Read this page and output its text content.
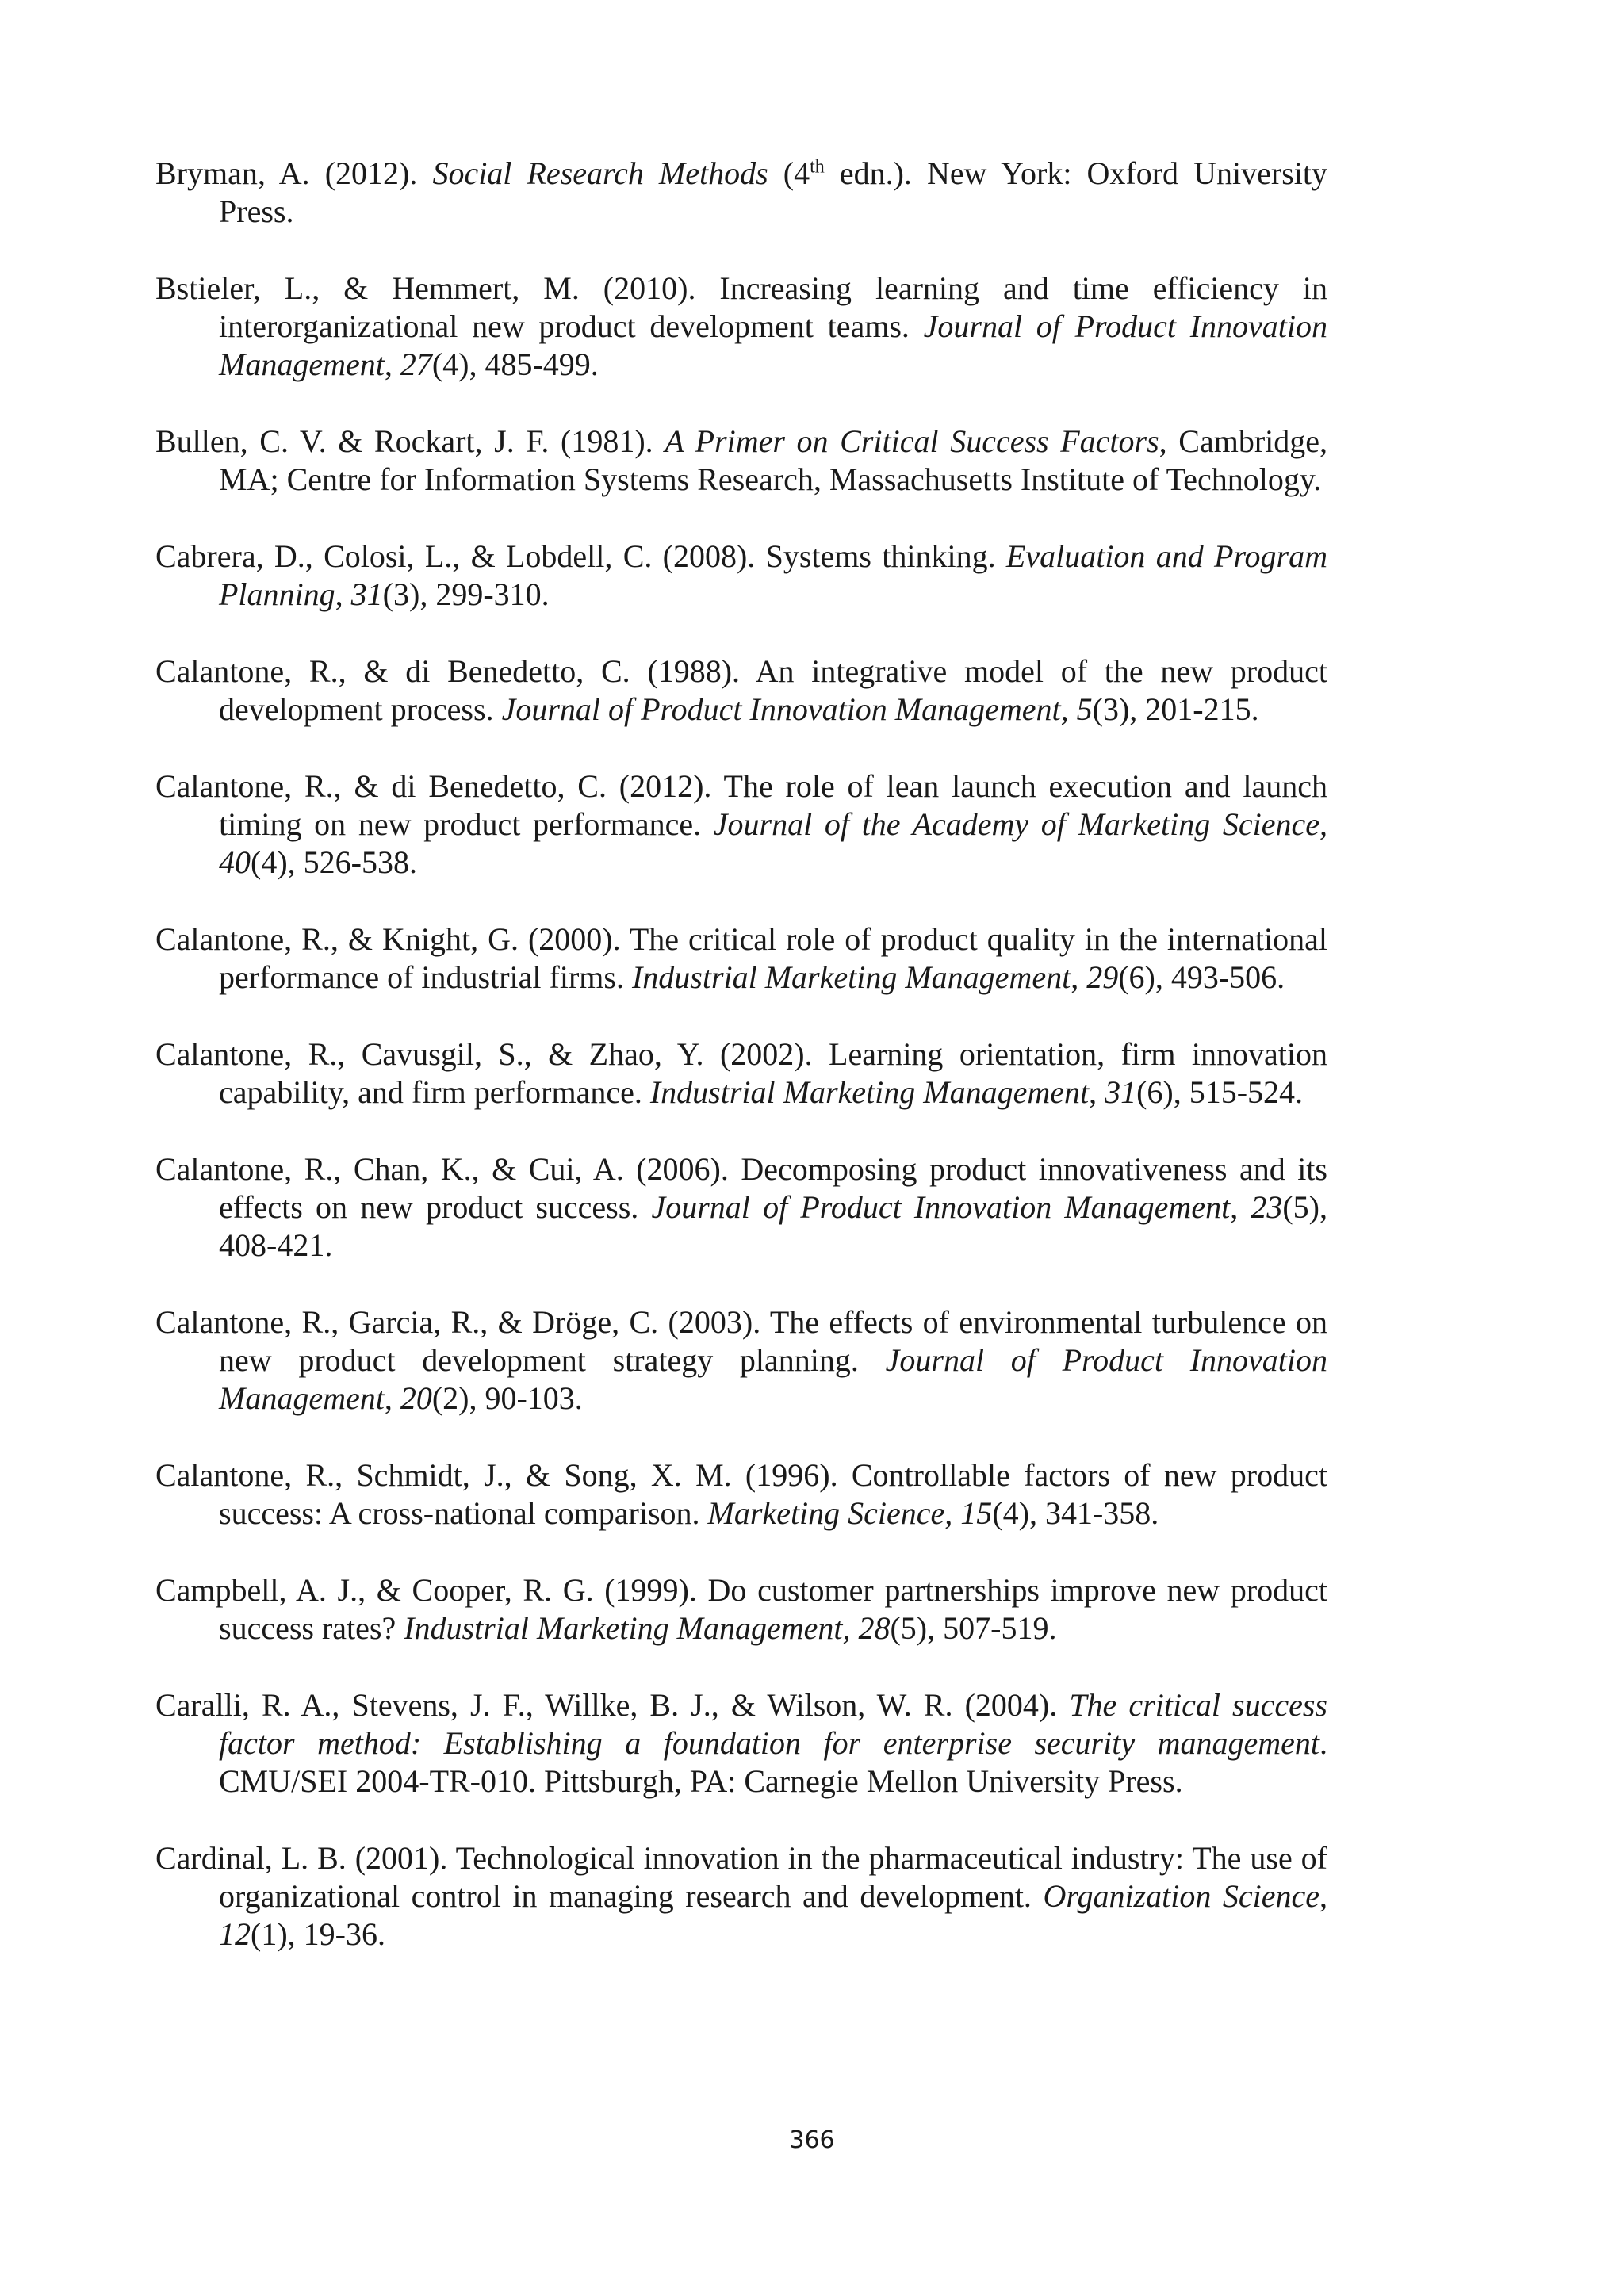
Bryman, A. (2012). Social Research Methods (4th edn.). New York: Oxford University Press.

Bstieler, L., & Hemmert, M. (2010). Increasing learning and time efficiency in interorganizational new product development teams. Journal of Product Innovation Management, 27(4), 485-499.

Bullen, C. V. & Rockart, J. F. (1981). A Primer on Critical Success Factors, Cambridge, MA; Centre for Information Systems Research, Massachusetts Institute of Technology.

Cabrera, D., Colosi, L., & Lobdell, C. (2008). Systems thinking. Evaluation and Program Planning, 31(3), 299-310.

Calantone, R., & di Benedetto, C. (1988). An integrative model of the new product development process. Journal of Product Innovation Management, 5(3), 201-215.

Calantone, R., & di Benedetto, C. (2012). The role of lean launch execution and launch timing on new product performance. Journal of the Academy of Marketing Science, 40(4), 526-538.

Calantone, R., & Knight, G. (2000). The critical role of product quality in the international performance of industrial firms. Industrial Marketing Management, 29(6), 493-506.

Calantone, R., Cavusgil, S., & Zhao, Y. (2002). Learning orientation, firm innovation capability, and firm performance. Industrial Marketing Management, 31(6), 515-524.

Calantone, R., Chan, K., & Cui, A. (2006). Decomposing product innovativeness and its effects on new product success. Journal of Product Innovation Management, 23(5), 408-421.

Calantone, R., Garcia, R., & Dröge, C. (2003). The effects of environmental turbulence on new product development strategy planning. Journal of Product Innovation Management, 20(2), 90-103.

Calantone, R., Schmidt, J., & Song, X. M. (1996). Controllable factors of new product success: A cross-national comparison. Marketing Science, 15(4), 341-358.

Campbell, A. J., & Cooper, R. G. (1999). Do customer partnerships improve new product success rates? Industrial Marketing Management, 28(5), 507-519.

Caralli, R. A., Stevens, J. F., Willke, B. J., & Wilson, W. R. (2004). The critical success factor method: Establishing a foundation for enterprise security management. CMU/SEI 2004-TR-010. Pittsburgh, PA: Carnegie Mellon University Press.

Cardinal, L. B. (2001). Technological innovation in the pharmaceutical industry: The use of organizational control in managing research and development. Organization Science, 12(1), 19-36.

366
